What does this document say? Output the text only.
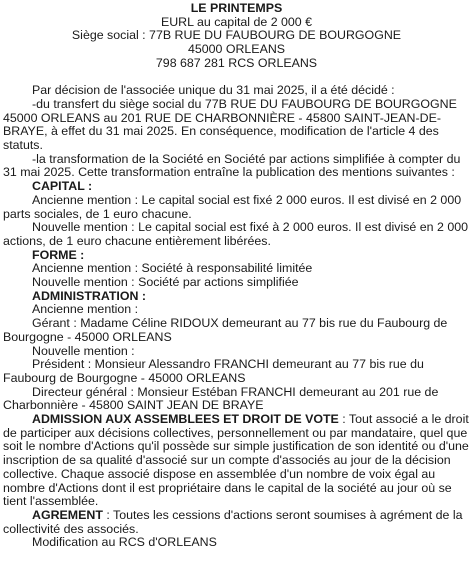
LE PRINTEMPS

EURL au capital de 2 000 €

Siège social : 77B RUE DU FAUBOURG DE BOURGOGNE

45000 ORLEANS

798 687 281 RCS ORLEANS

Par décision de l'associée unique du 31 mai 2025, il a été décidé :

-du transfert du siège social du 77B RUE DU FAUBOURG DE BOURGOGNE 45000 ORLEANS au 201 RUE DE CHARBONNIÈRE - 45800 SAINT-JEAN-DE-BRAYE, à effet du 31 mai 2025. En conséquence, modification de l'article 4 des statuts.

-la transformation de la Société en Société par actions simplifiée à compter du 31 mai 2025. Cette transformation entraîne la publication des mentions suivantes :

CAPITAL :

Ancienne mention : Le capital social est fixé 2 000 euros. Il est divisé en 2 000 parts sociales, de 1 euro chacune.

Nouvelle mention : Le capital social est fixé à 2 000 euros. Il est divisé en 2 000 actions, de 1 euro chacune entièrement libérées.

FORME :

Ancienne mention : Société à responsabilité limitée

Nouvelle mention : Société par actions simplifiée

ADMINISTRATION :

Ancienne mention :

Gérant : Madame Céline RIDOUX demeurant au 77 bis rue du Faubourg de Bourgogne - 45000 ORLEANS

Nouvelle mention :

Président : Monsieur Alessandro FRANCHI demeurant au 77 bis rue du Faubourg de Bourgogne - 45000 ORLEANS

Directeur général : Monsieur Estéban FRANCHI demeurant au 201 rue de Charbonnière - 45800 SAINT JEAN DE BRAYE

ADMISSION AUX ASSEMBLEES ET DROIT DE VOTE : Tout associé a le droit de participer aux décisions collectives, personnellement ou par mandataire, quel que soit le nombre d'Actions qu'il possède sur simple justification de son identité ou d'une inscription de sa qualité d'associé sur un compte d'associés au jour de la décision collective. Chaque associé dispose en assemblée d'un nombre de voix égal au nombre d'Actions dont il est propriétaire dans le capital de la société au jour où se tient l'assemblée.

AGREMENT : Toutes les cessions d'actions seront soumises à agrément de la collectivité des associés.

Modification au RCS d'ORLEANS
